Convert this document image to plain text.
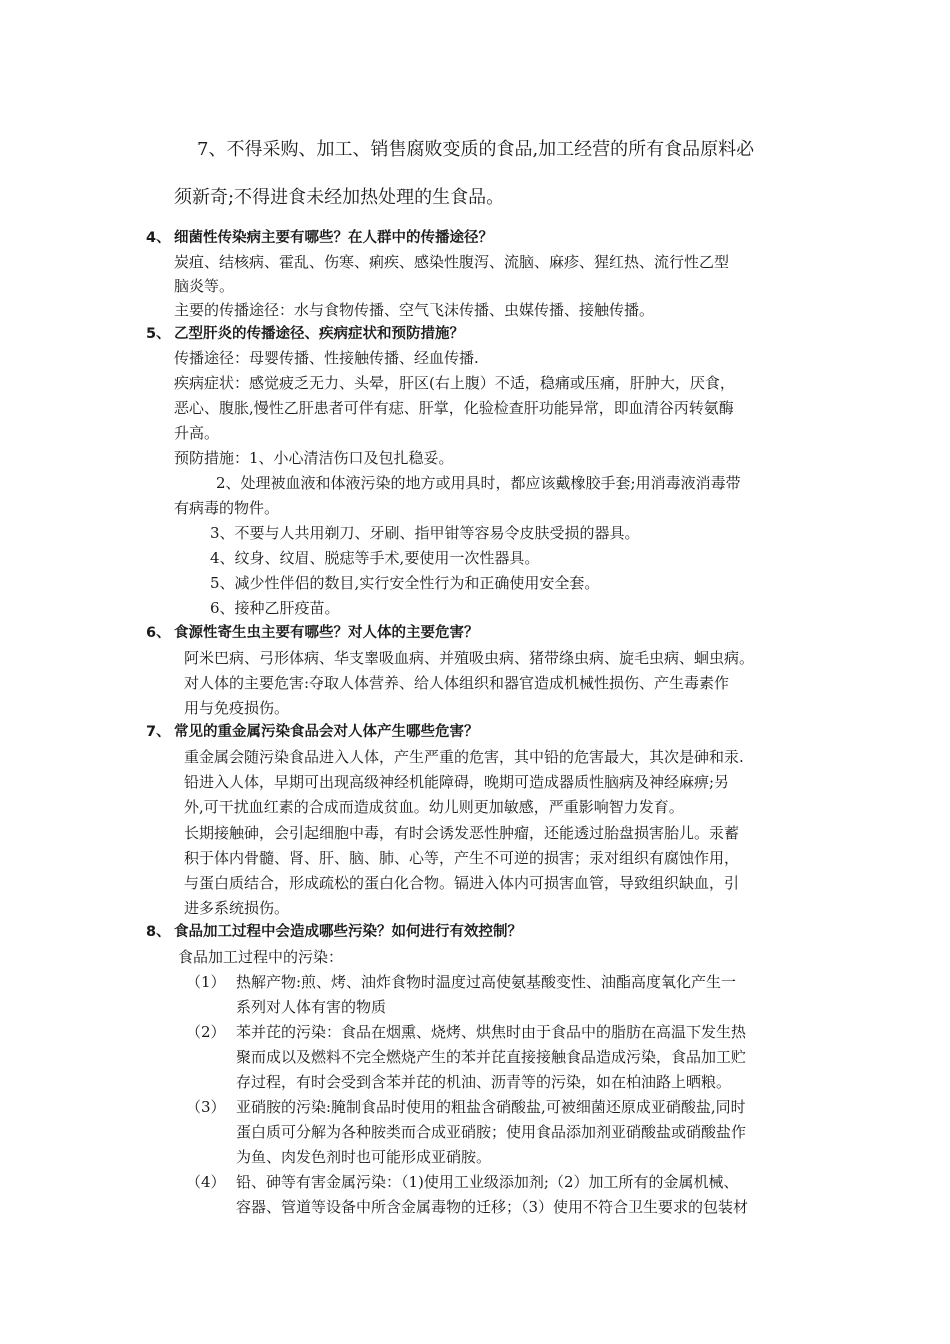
7、不得采购、加工、销售腐败变质的食品,加工经营的所有食品原料必
须新奇;不得进食未经加热处理的生食品。
4、 细菌性传染病主要有哪些？在人群中的传播途径？
炭疽、结核病、霍乱、伤寒、痢疾、感染性腹泻、流脑、麻疹、猩红热、流行性乙型
脑炎等。
主要的传播途径：水与食物传播、空气飞沫传播、虫媒传播、接触传播。
5、 乙型肝炎的传播途径、疾病症状和预防措施？
传播途径：母婴传播、性接触传播、经血传播.
疾病症状：感觉疲乏无力、头晕，肝区(右上腹）不适，稳痛或压痛，肝肿大，厌食，
恶心、腹胀,慢性乙肝患者可伴有痣、肝掌，化验检查肝功能异常，即血清谷丙转氨酶
升高。
预防措施：1、小心清洁伤口及包扎稳妥。
2、处理被血液和体液污染的地方或用具时，都应该戴橡胶手套;用消毒液消毒带
有病毒的物件。
3、不要与人共用剃刀、牙刷、指甲钳等容易令皮肤受损的器具。
4、纹身、纹眉、脱痣等手术,要使用一次性器具。
5、减少性伴侣的数目,实行安全性行为和正确使用安全套。
6、接种乙肝疫苗。
6、 食源性寄生虫主要有哪些？对人体的主要危害？
阿米巴病、弓形体病、华支睾吸血病、并殖吸虫病、猪带绦虫病、旋毛虫病、蛔虫病。
对人体的主要危害:夺取人体营养、给人体组织和器官造成机械性损伤、产生毒素作
用与免疫损伤。
7、 常见的重金属污染食品会对人体产生哪些危害？
重金属会随污染食品进入人体，产生严重的危害，其中铅的危害最大，其次是砷和汞.
铅进入人体，早期可出现高级神经机能障碍，晚期可造成器质性脑病及神经麻痹;另
外,可干扰血红素的合成而造成贫血。幼儿则更加敏感，严重影响智力发育。
长期接触砷，会引起细胞中毒，有时会诱发恶性肿瘤，还能透过胎盘损害胎儿。汞蓄
积于体内骨髓、肾、肝、脑、肺、心等，产生不可逆的损害；汞对组织有腐蚀作用，
与蛋白质结合，形成疏松的蛋白化合物。镉进入体内可损害血管，导致组织缺血，引
进多系统损伤。
8、 食品加工过程中会造成哪些污染？如何进行有效控制？
食品加工过程中的污染：
（1） 热解产物:煎、烤、油炸食物时温度过高使氨基酸变性、油酯高度氧化产生一
系列对人体有害的物质
（2） 苯并芘的污染：食品在烟熏、烧烤、烘焦时由于食品中的脂肪在高温下发生热
聚而成以及燃料不完全燃烧产生的苯并芘直接接触食品造成污染，食品加工贮
存过程，有时会受到含苯并芘的机油、沥青等的污染，如在柏油路上晒粮。
（3） 亚硝胺的污染:腌制食品时使用的粗盐含硝酸盐,可被细菌还原成亚硝酸盐,同时
蛋白质可分解为各种胺类而合成亚硝胺；使用食品添加剂亚硝酸盐或硝酸盐作
为鱼、肉发色剂时也可能形成亚硝胺。
（4） 铅、砷等有害金属污染：（1)使用工业级添加剂;（2）加工所有的金属机械、
容器、管道等设备中所含金属毒物的迁移；（3）使用不符合卫生要求的包装材
